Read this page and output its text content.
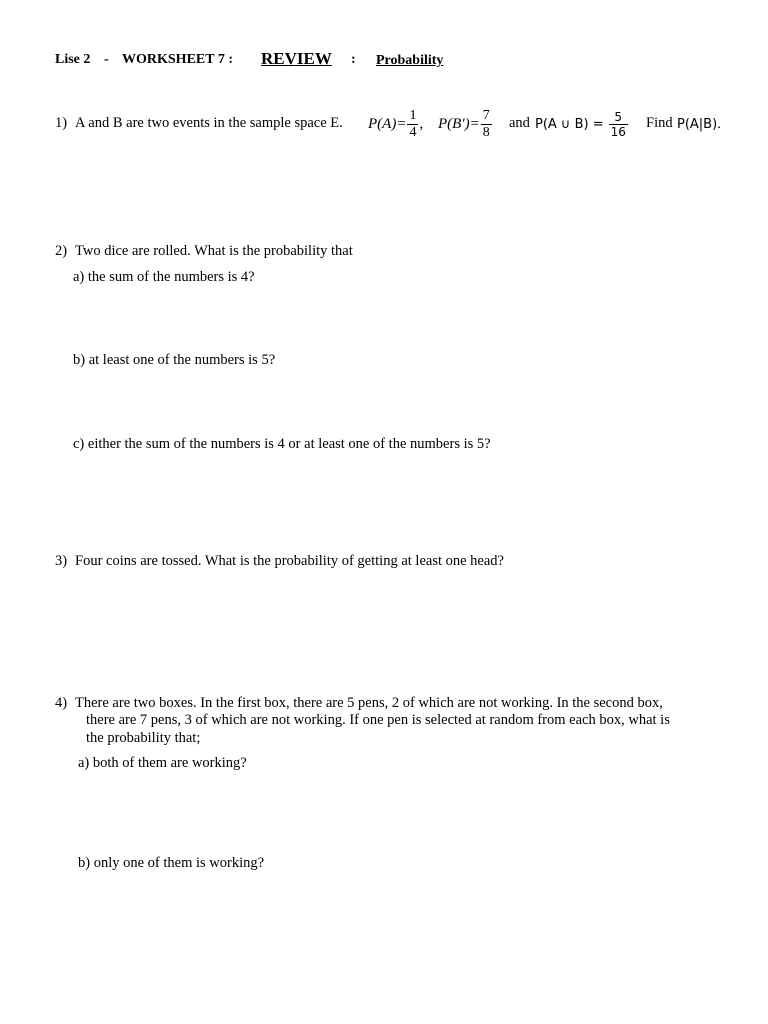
Lise 2 - WORKSHEET 7 : REVIEW : Probability
1) A and B are two events in the sample space E. $P(A)= \frac{1}{4}$ , $P(B')= \frac{7}{8}$ and P(A ∪ $B) = \frac{5}{16}$ Find P(A|B).
2) Two dice are rolled. What is the probability that
a) the sum of the numbers is 4?
b) at least one of the numbers is 5?
c) either the sum of the numbers is 4 or at least one of the numbers is 5?
3) Four coins are tossed. What is the probability of getting at least one head?
4) There are two boxes. In the first box, there are 5 pens, 2 of which are not working. In the second box,
there are 7 pens, 3 of which are not working. If one pen is selected at random from each box, what is
the probability that;
a) both of them are working?
b) only one of them is working?
